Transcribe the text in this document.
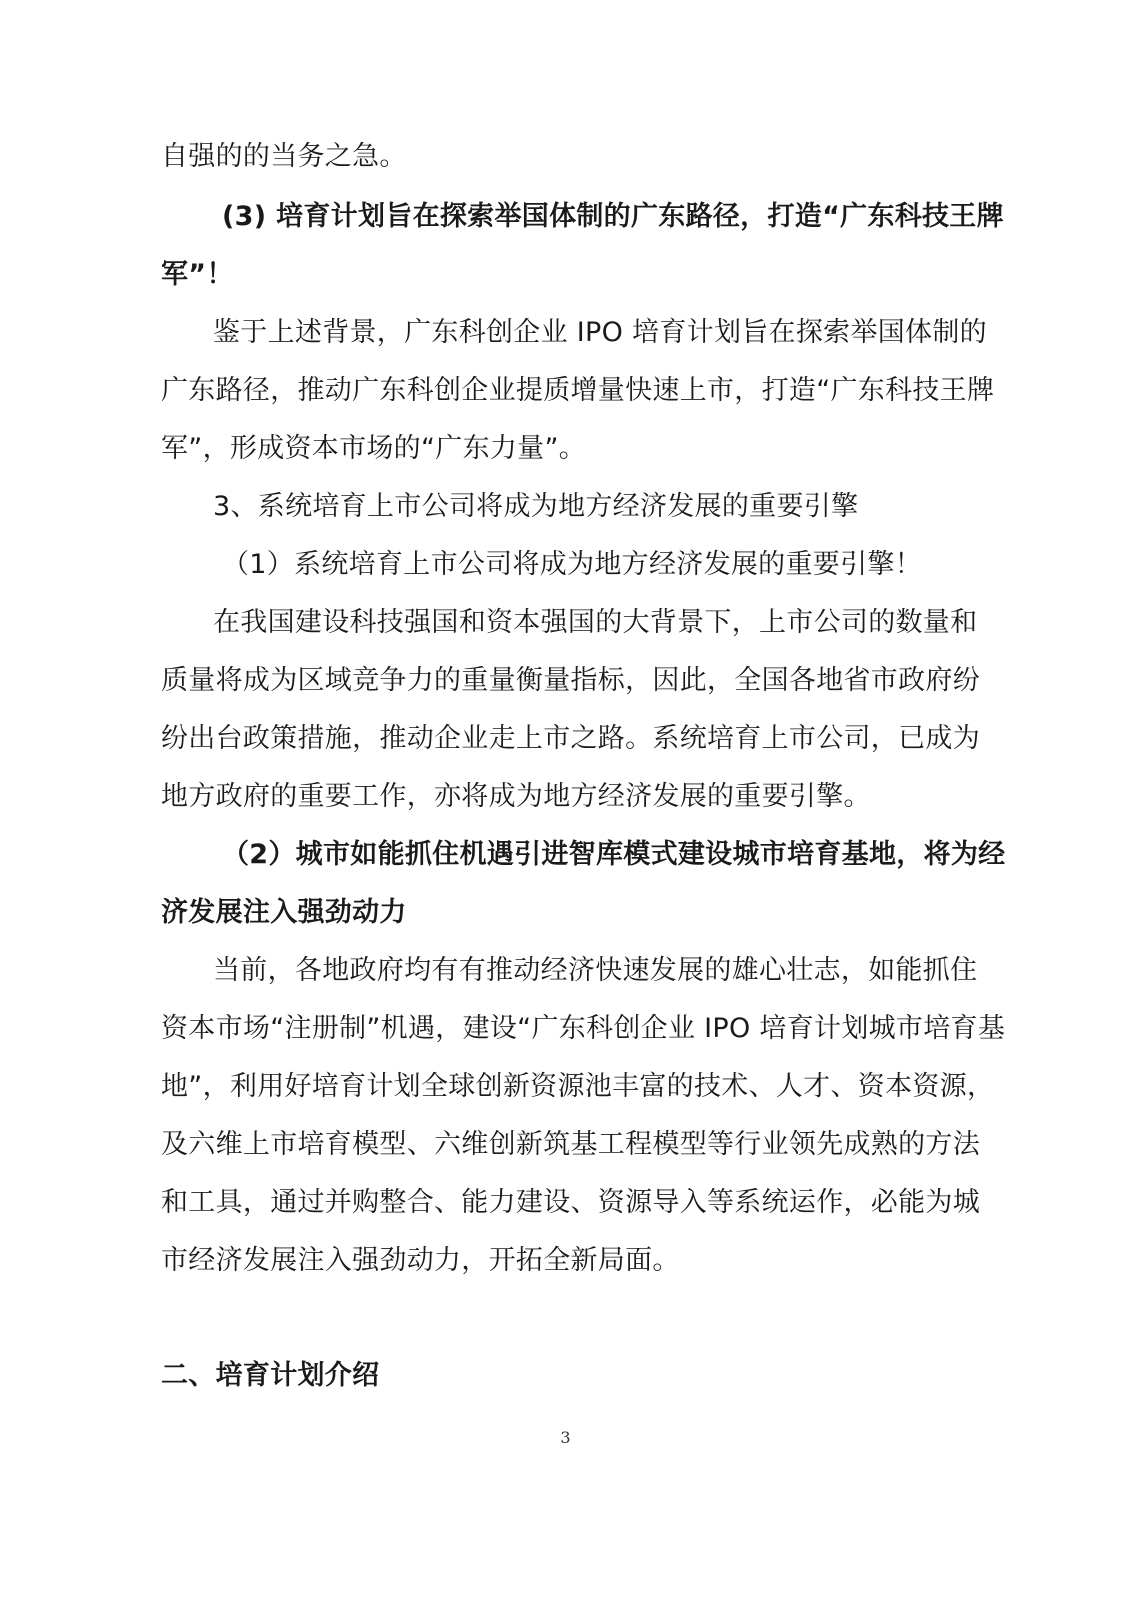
自强的的当务之急。
(3) 培育计划旨在探索举国体制的广东路径，打造“广东科技王牌
军”！
鉴于上述背景，广东科创企业 IPO 培育计划旨在探索举国体制的
广东路径，推动广东科创企业提质增量快速上市，打造“广东科技王牌
军”，形成资本市场的“广东力量”。
3、系统培育上市公司将成为地方经济发展的重要引擎
（1）系统培育上市公司将成为地方经济发展的重要引擎！
在我国建设科技强国和资本强国的大背景下，上市公司的数量和
质量将成为区域竞争力的重量衡量指标，因此，全国各地省市政府纷
纷出台政策措施，推动企业走上市之路。系统培育上市公司，已成为
地方政府的重要工作，亦将成为地方经济发展的重要引擎。
（2）城市如能抓住机遇引进智库模式建设城市培育基地，将为经
济发展注入强劲动力
当前，各地政府均有有推动经济快速发展的雄心壮志，如能抓住
资本市场“注册制”机遇，建设“广东科创企业 IPO 培育计划城市培育基
地”，利用好培育计划全球创新资源池丰富的技术、人才、资本资源，
及六维上市培育模型、六维创新筑基工程模型等行业领先成熟的方法
和工具，通过并购整合、能力建设、资源导入等系统运作，必能为城
市经济发展注入强劲动力，开拓全新局面。
二、培育计划介绍
3
